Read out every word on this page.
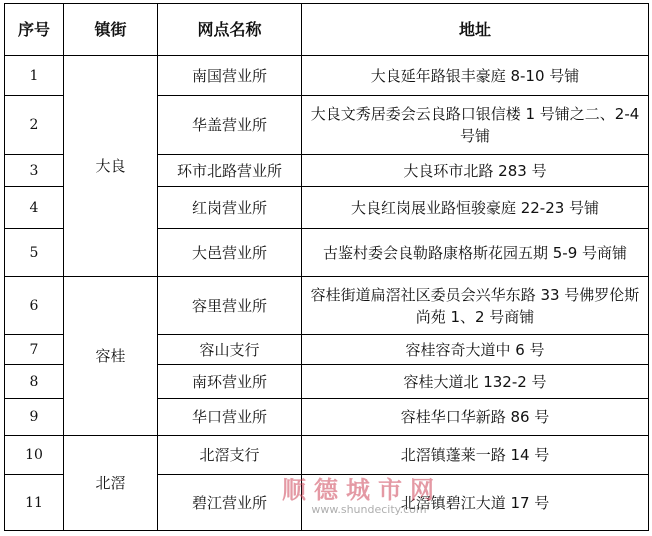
序号	镇街	网点名称	地址
1	大良	南国营业所	大良延年路银丰豪庭 8-10 号铺
2		华盖营业所	大良文秀居委会云良路口银信楼 1 号铺之二、2-4 号铺
3		环市北路营业所	大良环市北路 283 号
4		红岗营业所	大良红岗展业路恒骏豪庭 22-23 号铺
5		大邑营业所	古鉴村委会良勒路康格斯花园五期 5-9 号商铺
6	容桂	容里营业所	容桂街道扁滘社区委员会兴华东路 33 号佛罗伦斯尚苑 1、2 号商铺
7		容山支行	容桂容奇大道中 6 号
8		南环营业所	容桂大道北 132-2 号
9		华口营业所	容桂华口华新路 86 号
10	北滘	北滘支行	北滘镇蓬莱一路 14 号
11		碧江营业所	北滘镇碧江大道 17 号
顺德城市网
www.shundecity.com
